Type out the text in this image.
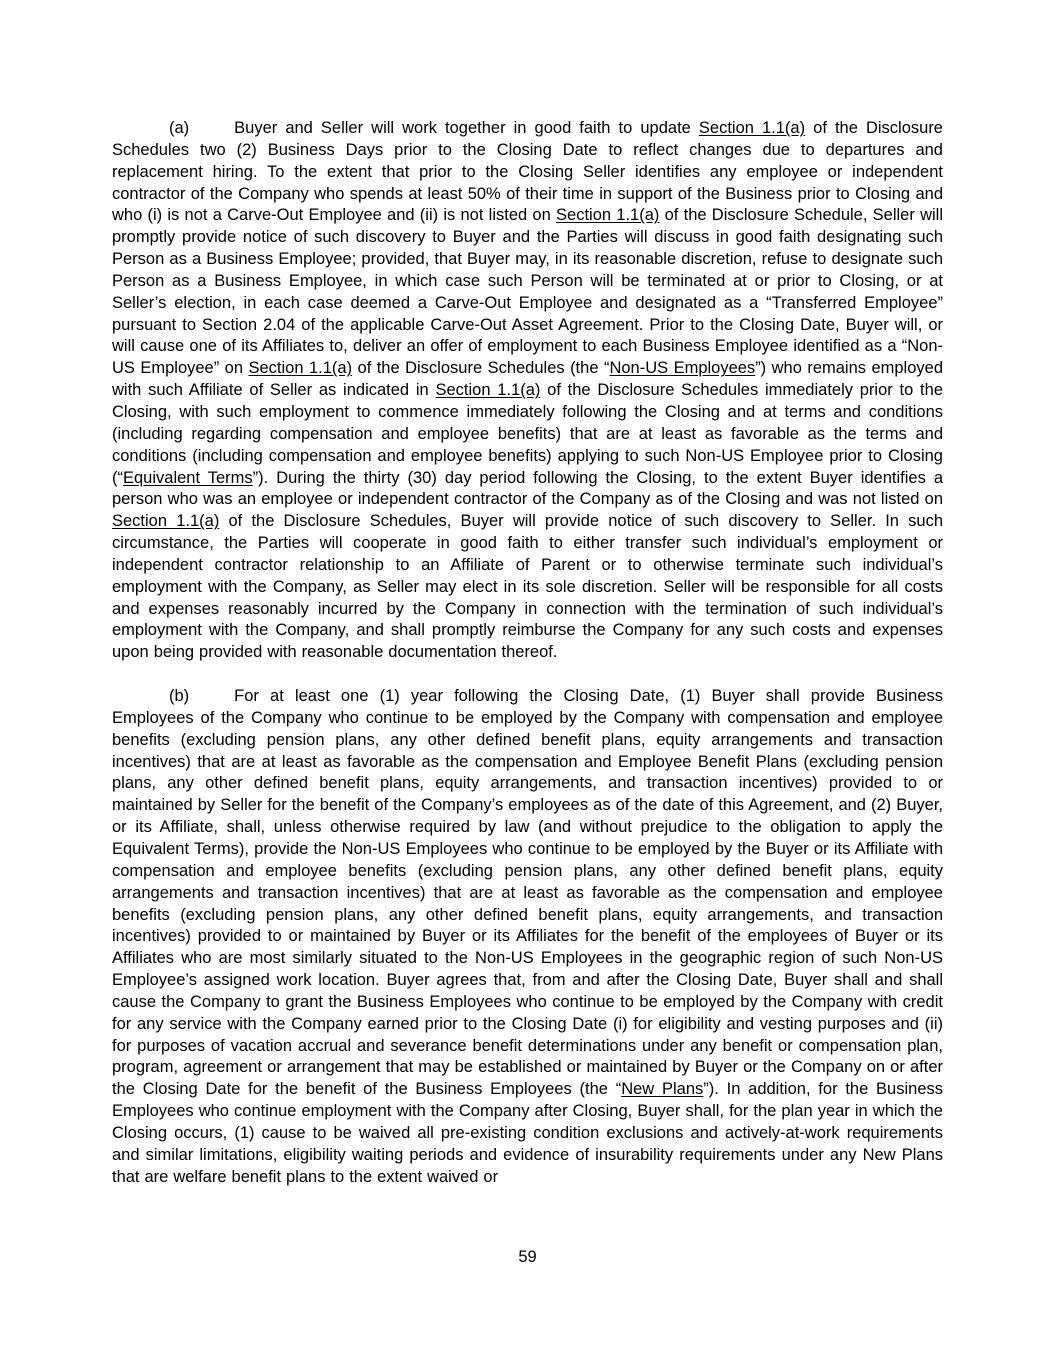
(a)	Buyer and Seller will work together in good faith to update Section 1.1(a) of the Disclosure Schedules two (2) Business Days prior to the Closing Date to reflect changes due to departures and replacement hiring. To the extent that prior to the Closing Seller identifies any employee or independent contractor of the Company who spends at least 50% of their time in support of the Business prior to Closing and who (i) is not a Carve-Out Employee and (ii) is not listed on Section 1.1(a) of the Disclosure Schedule, Seller will promptly provide notice of such discovery to Buyer and the Parties will discuss in good faith designating such Person as a Business Employee; provided, that Buyer may, in its reasonable discretion, refuse to designate such Person as a Business Employee, in which case such Person will be terminated at or prior to Closing, or at Seller’s election, in each case deemed a Carve-Out Employee and designated as a “Transferred Employee” pursuant to Section 2.04 of the applicable Carve-Out Asset Agreement. Prior to the Closing Date, Buyer will, or will cause one of its Affiliates to, deliver an offer of employment to each Business Employee identified as a “Non-US Employee” on Section 1.1(a) of the Disclosure Schedules (the “Non-US Employees”) who remains employed with such Affiliate of Seller as indicated in Section 1.1(a) of the Disclosure Schedules immediately prior to the Closing, with such employment to commence immediately following the Closing and at terms and conditions (including regarding compensation and employee benefits) that are at least as favorable as the terms and conditions (including compensation and employee benefits) applying to such Non-US Employee prior to Closing (“Equivalent Terms”). During the thirty (30) day period following the Closing, to the extent Buyer identifies a person who was an employee or independent contractor of the Company as of the Closing and was not listed on Section 1.1(a) of the Disclosure Schedules, Buyer will provide notice of such discovery to Seller. In such circumstance, the Parties will cooperate in good faith to either transfer such individual’s employment or independent contractor relationship to an Affiliate of Parent or to otherwise terminate such individual’s employment with the Company, as Seller may elect in its sole discretion. Seller will be responsible for all costs and expenses reasonably incurred by the Company in connection with the termination of such individual’s employment with the Company, and shall promptly reimburse the Company for any such costs and expenses upon being provided with reasonable documentation thereof.

(b)	For at least one (1) year following the Closing Date, (1) Buyer shall provide Business Employees of the Company who continue to be employed by the Company with compensation and employee benefits (excluding pension plans, any other defined benefit plans, equity arrangements and transaction incentives) that are at least as favorable as the compensation and Employee Benefit Plans (excluding pension plans, any other defined benefit plans, equity arrangements, and transaction incentives) provided to or maintained by Seller for the benefit of the Company’s employees as of the date of this Agreement, and (2) Buyer, or its Affiliate, shall, unless otherwise required by law (and without prejudice to the obligation to apply the Equivalent Terms), provide the Non-US Employees who continue to be employed by the Buyer or its Affiliate with compensation and employee benefits (excluding pension plans, any other defined benefit plans, equity arrangements and transaction incentives) that are at least as favorable as the compensation and employee benefits (excluding pension plans, any other defined benefit plans, equity arrangements, and transaction incentives) provided to or maintained by Buyer or its Affiliates for the benefit of the employees of Buyer or its Affiliates who are most similarly situated to the Non-US Employees in the geographic region of such Non-US Employee’s assigned work location. Buyer agrees that, from and after the Closing Date, Buyer shall and shall cause the Company to grant the Business Employees who continue to be employed by the Company with credit for any service with the Company earned prior to the Closing Date (i) for eligibility and vesting purposes and (ii) for purposes of vacation accrual and severance benefit determinations under any benefit or compensation plan, program, agreement or arrangement that may be established or maintained by Buyer or the Company on or after the Closing Date for the benefit of the Business Employees (the “New Plans”). In addition, for the Business Employees who continue employment with the Company after Closing, Buyer shall, for the plan year in which the Closing occurs, (1) cause to be waived all pre-existing condition exclusions and actively-at-work requirements and similar limitations, eligibility waiting periods and evidence of insurability requirements under any New Plans that are welfare benefit plans to the extent waived or

59
